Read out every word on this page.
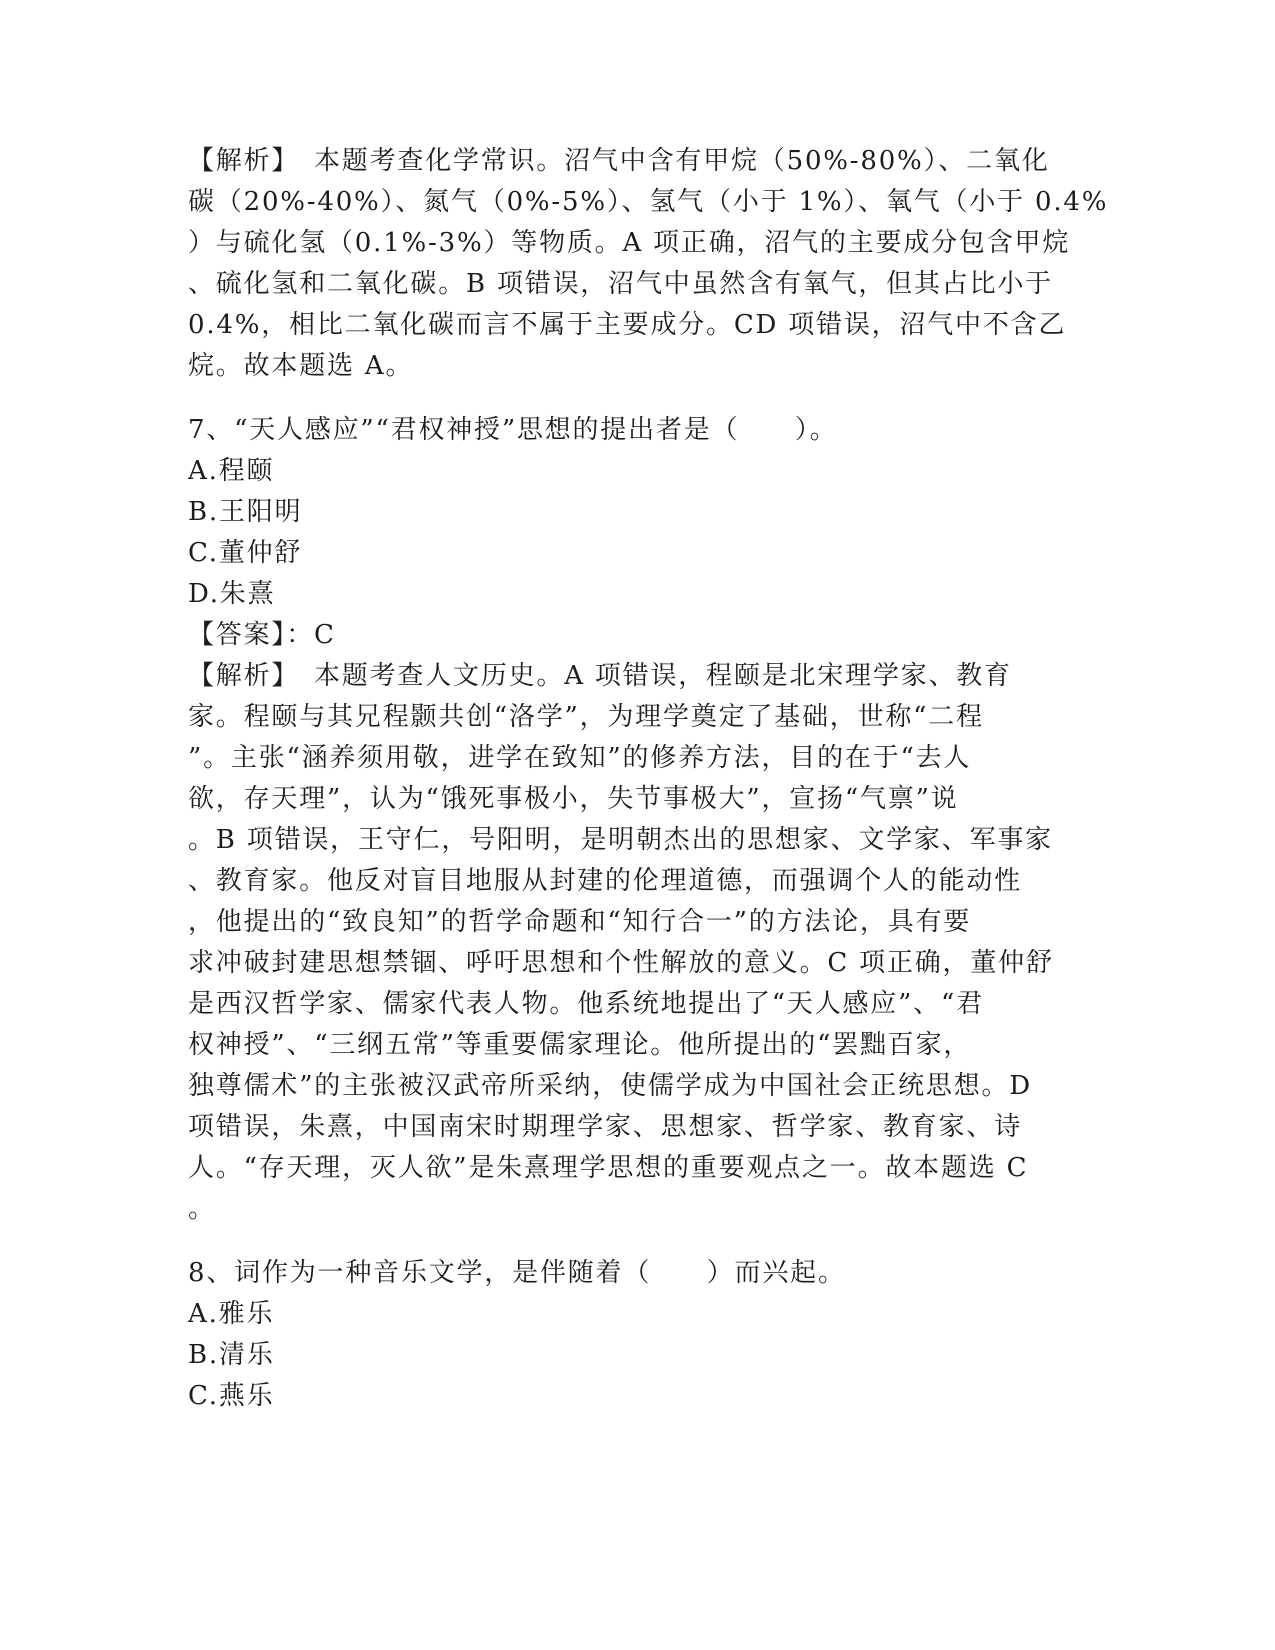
【解析】　本题考查化学常识。沼气中含有甲烷（50%-80%）、二氧化
碳（20%-40%）、氮气（0%-5%）、氢气（小于 1%）、氧气（小于 0.4%
）与硫化氢（0.1%-3%）等物质。A 项正确，沼气的主要成分包含甲烷
、硫化氢和二氧化碳。B 项错误，沼气中虽然含有氧气，但其占比小于
0.4%，相比二氧化碳而言不属于主要成分。CD 项错误，沼气中不含乙
烷。故本题选 A。
7、“天人感应”“君权神授”思想的提出者是（　　）。
A.程颐
B.王阳明
C.董仲舒
D.朱熹
【答案】：C
【解析】　本题考查人文历史。A 项错误，程颐是北宋理学家、教育
家。程颐与其兄程颢共创“洛学”，为理学奠定了基础，世称“二程
”。主张“涵养须用敬，进学在致知”的修养方法，目的在于“去人
欲，存天理”，认为“饿死事极小，失节事极大”，宣扬“气禀”说
。B 项错误，王守仁，号阳明，是明朝杰出的思想家、文学家、军事家
、教育家。他反对盲目地服从封建的伦理道德，而强调个人的能动性
，他提出的“致良知”的哲学命题和“知行合一”的方法论，具有要
求冲破封建思想禁锢、呼吁思想和个性解放的意义。C 项正确，董仲舒
是西汉哲学家、儒家代表人物。他系统地提出了“天人感应”、“君
权神授”、“三纲五常”等重要儒家理论。他所提出的“罢黜百家，
独尊儒术”的主张被汉武帝所采纳，使儒学成为中国社会正统思想。D
项错误，朱熹，中国南宋时期理学家、思想家、哲学家、教育家、诗
人。“存天理，灭人欲”是朱熹理学思想的重要观点之一。故本题选 C
。
8、词作为一种音乐文学，是伴随着（　　）而兴起。
A.雅乐
B.清乐
C.燕乐
